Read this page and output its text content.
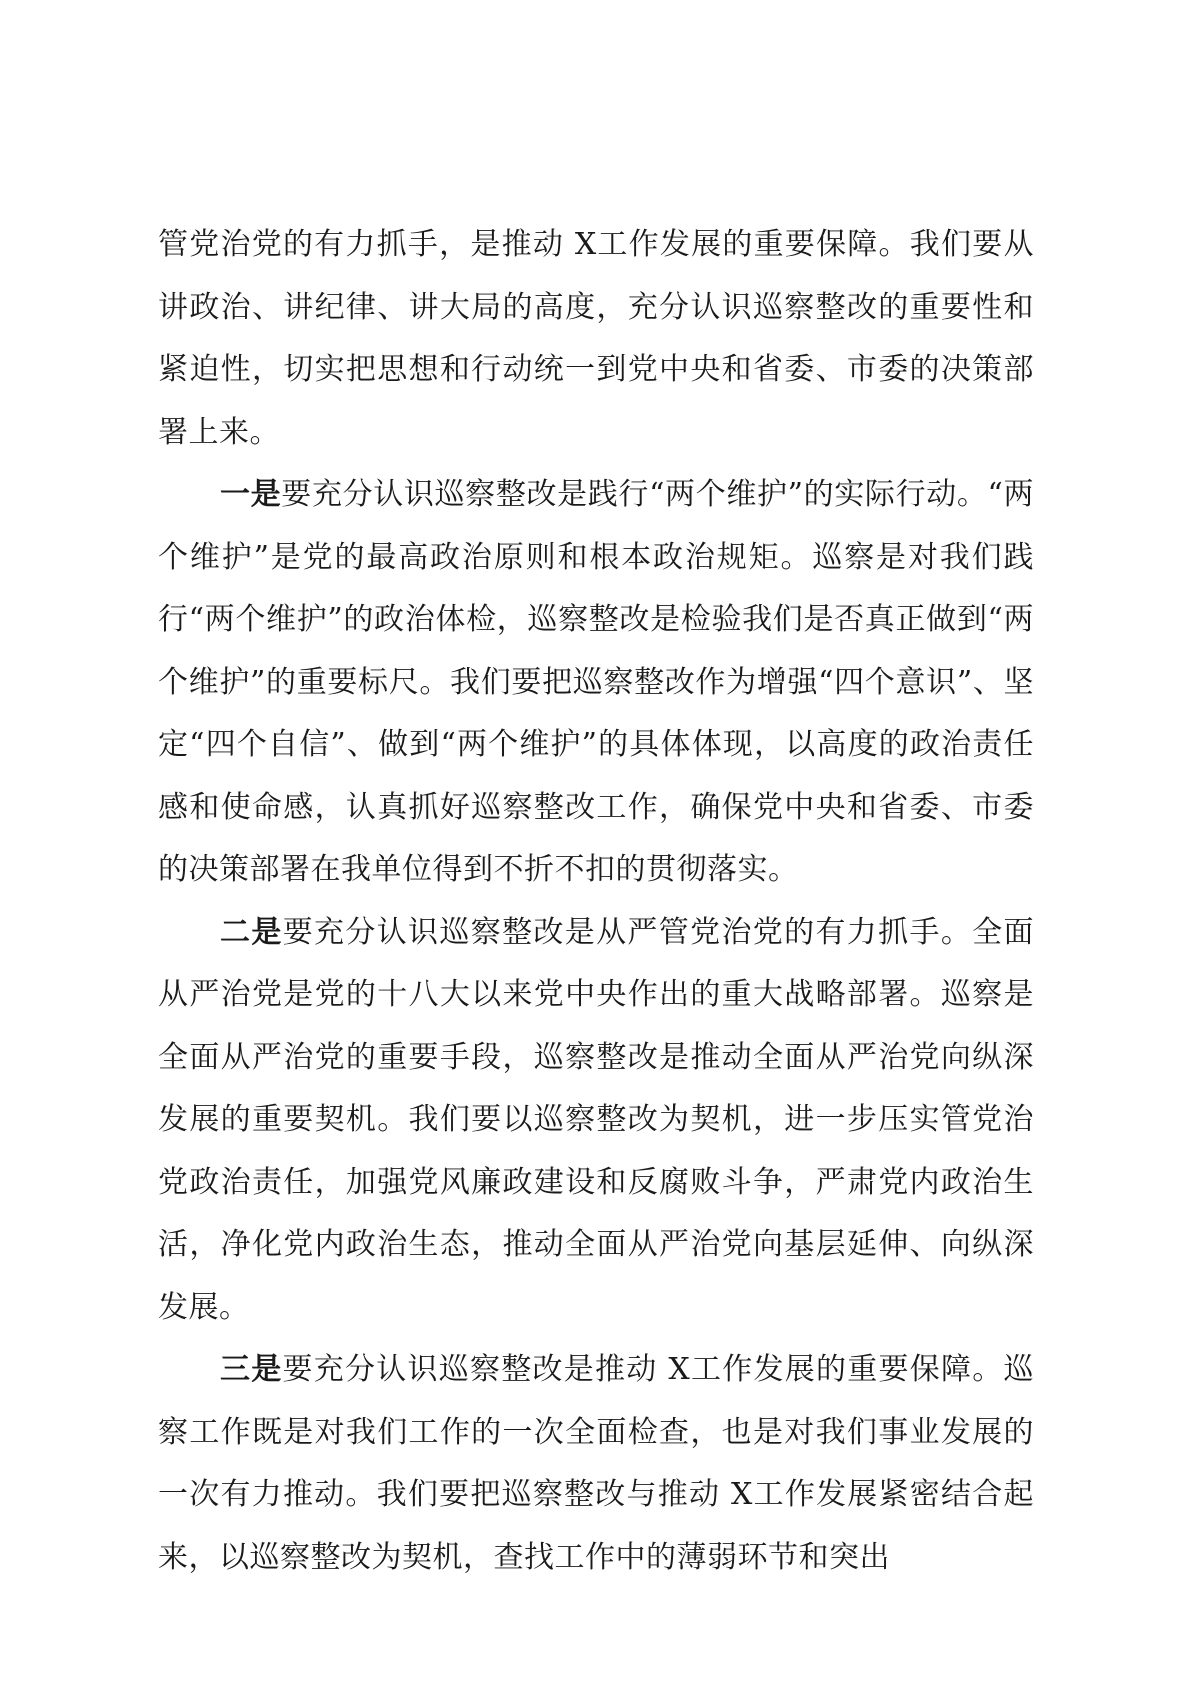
管党治党的有力抓手，是推动 X工作发展的重要保障。我们要从讲政治、讲纪律、讲大局的高度，充分认识巡察整改的重要性和紧迫性，切实把思想和行动统一到党中央和省委、市委的决策部署上来。

一是要充分认识巡察整改是践行“两个维护”的实际行动。“两个维护”是党的最高政治原则和根本政治规矩。巡察是对我们践行“两个维护”的政治体检，巡察整改是检验我们是否真正做到“两个维护”的重要标尺。我们要把巡察整改作为增强“四个意识”、坚定“四个自信”、做到“两个维护”的具体体现，以高度的政治责任感和使命感，认真抓好巡察整改工作，确保党中央和省委、市委的决策部署在我单位得到不折不扣的贯彻落实。

二是要充分认识巡察整改是从严管党治党的有力抓手。全面从严治党是党的十八大以来党中央作出的重大战略部署。巡察是全面从严治党的重要手段，巡察整改是推动全面从严治党向纵深发展的重要契机。我们要以巡察整改为契机，进一步压实管党治党政治责任，加强党风廉政建设和反腐败斗争，严肃党内政治生活，净化党内政治生态，推动全面从严治党向基层延伸、向纵深发展。

三是要充分认识巡察整改是推动 X工作发展的重要保障。巡察工作既是对我们工作的一次全面检查，也是对我们事业发展的一次有力推动。我们要把巡察整改与推动 X工作发展紧密结合起来，以巡察整改为契机，查找工作中的薄弱环节和突出
